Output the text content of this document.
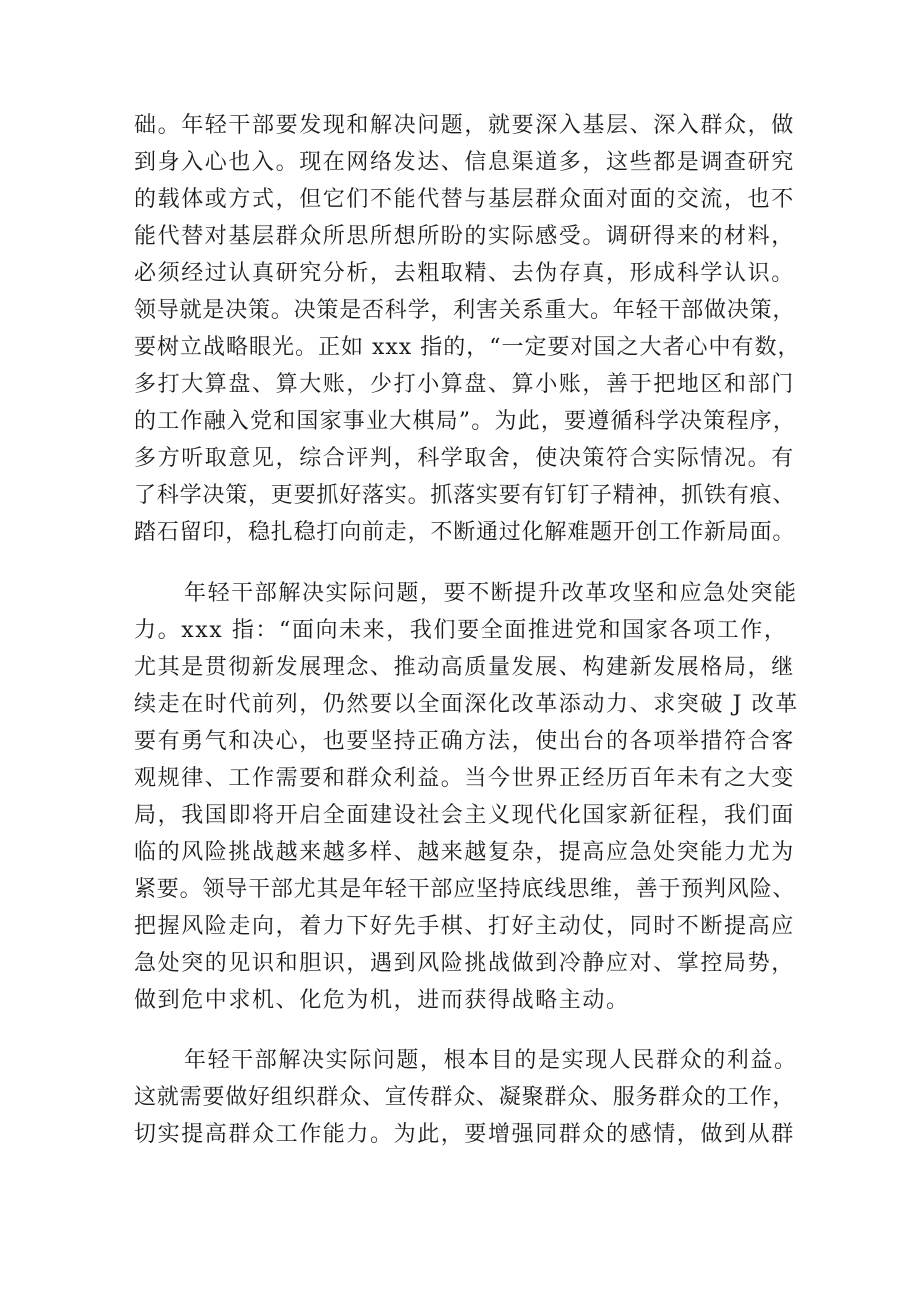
础。年轻干部要发现和解决问题，就要深入基层、深入群众，做
到身入心也入。现在网络发达、信息渠道多，这些都是调查研究
的载体或方式，但它们不能代替与基层群众面对面的交流，也不
能代替对基层群众所思所想所盼的实际感受。调研得来的材料，
必须经过认真研究分析，去粗取精、去伪存真，形成科学认识。
领导就是决策。决策是否科学，利害关系重大。年轻干部做决策，
要树立战略眼光。正如 xxx 指的，“一定要对国之大者心中有数，
多打大算盘、算大账，少打小算盘、算小账，善于把地区和部门
的工作融入党和国家事业大棋局”。为此，要遵循科学决策程序，
多方听取意见，综合评判，科学取舍，使决策符合实际情况。有
了科学决策，更要抓好落实。抓落实要有钉钉子精神，抓铁有痕、
踏石留印，稳扎稳打向前走，不断通过化解难题开创工作新局面。
年轻干部解决实际问题，要不断提升改革攻坚和应急处突能
力。xxx 指：“面向未来，我们要全面推进党和国家各项工作，
尤其是贯彻新发展理念、推动高质量发展、构建新发展格局，继
续走在时代前列，仍然要以全面深化改革添动力、求突破 J 改革
要有勇气和决心，也要坚持正确方法，使出台的各项举措符合客
观规律、工作需要和群众利益。当今世界正经历百年未有之大变
局，我国即将开启全面建设社会主义现代化国家新征程，我们面
临的风险挑战越来越多样、越来越复杂，提高应急处突能力尤为
紧要。领导干部尤其是年轻干部应坚持底线思维，善于预判风险、
把握风险走向，着力下好先手棋、打好主动仗，同时不断提高应
急处突的见识和胆识，遇到风险挑战做到冷静应对、掌控局势，
做到危中求机、化危为机，进而获得战略主动。
年轻干部解决实际问题，根本目的是实现人民群众的利益。
这就需要做好组织群众、宣传群众、凝聚群众、服务群众的工作，
切实提高群众工作能力。为此，要增强同群众的感情，做到从群
